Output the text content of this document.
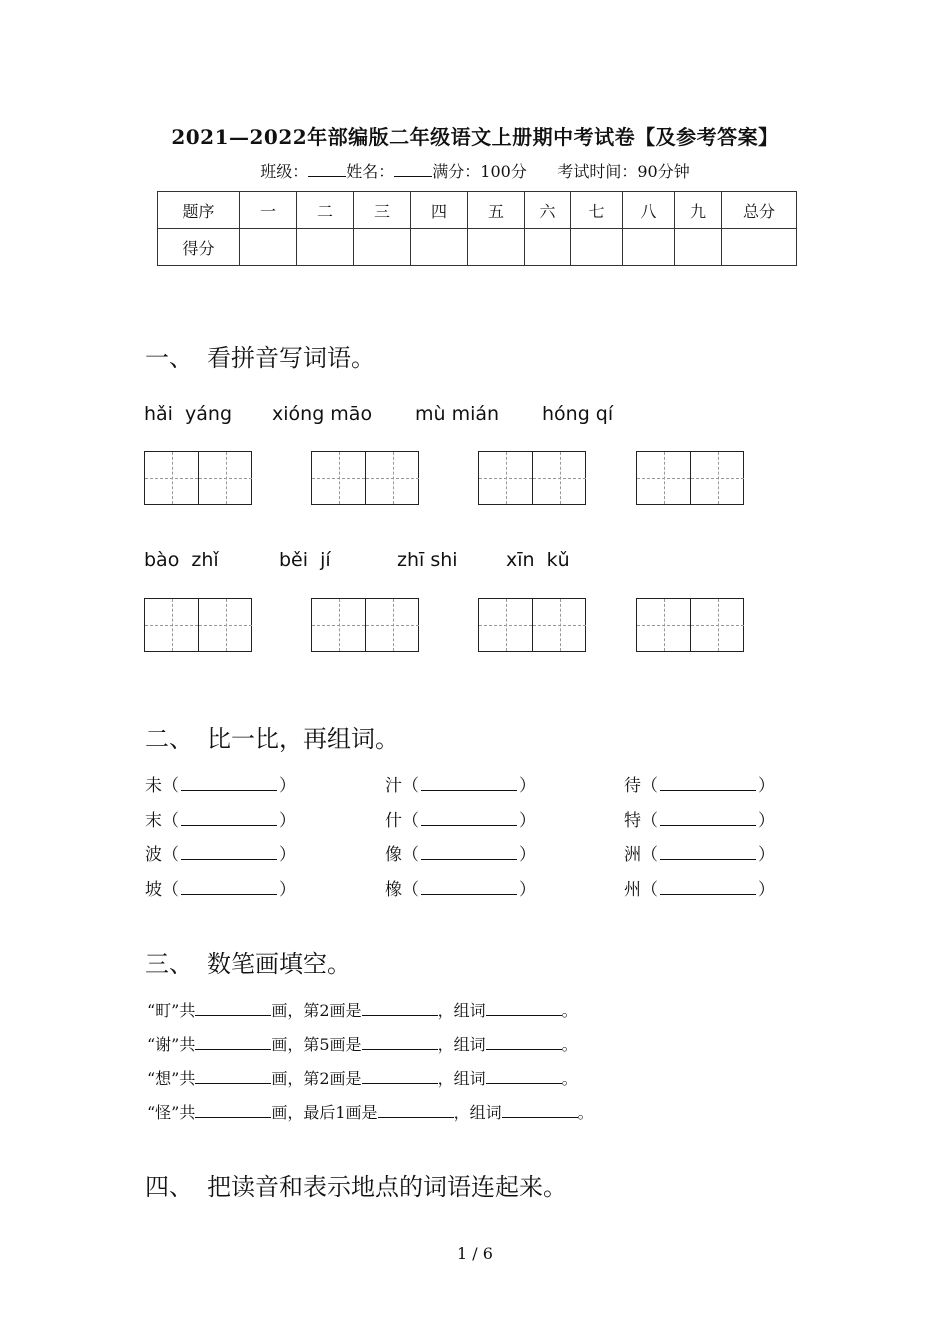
2021—2022年部编版二年级语文上册期中考试卷【及参考答案】
班级： 姓名： 满分：100分 考试时间：90分钟
题序	一	二	三	四	五	六	七	八	九	总分
得分										
一、 看拼音写词语。
hǎi  yáng xióng māo mù mián hóng qí
bào  zhǐ	běi  jí	zhī shi	xīn  kǔ
二、 比一比，再组词。
未（	）	汁（	）	待（	）
末（	）	什（	）	特（	）
波（	）	像（	）	洲（	）
坡（	）	橡（	）	州（	）
三、 数笔画填空。
“町”共	画，第2画是	，组词	。
“谢”共	画，第5画是	，组词	。
“想”共	画，第2画是	，组词	。
“怪”共	画，最后1画是	，组词	。
四、 把读音和表示地点的词语连起来。
1 / 6
